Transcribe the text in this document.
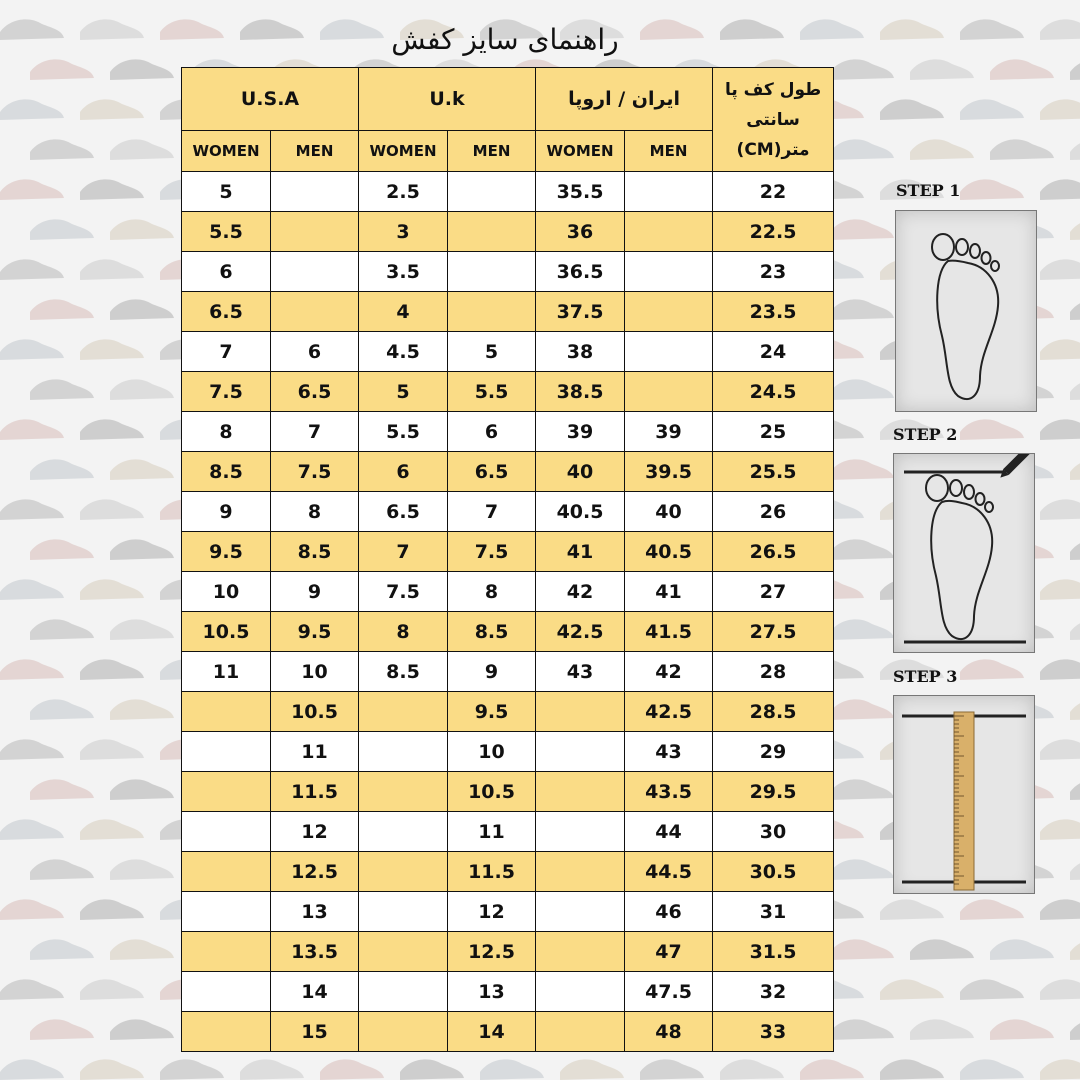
راهنمای سایز کفش
U.S.A		U.k		ایران / اروپا		طول کف پا سانتی متر(CM)
WOMEN	MEN	WOMEN	MEN	WOMEN	MEN	
5		2.5		35.5		22
5.5		3		36		22.5
6		3.5		36.5		23
6.5		4		37.5		23.5
7	6	4.5	5	38		24
7.5	6.5	5	5.5	38.5		24.5
8	7	5.5	6	39	39	25
8.5	7.5	6	6.5	40	39.5	25.5
9	8	6.5	7	40.5	40	26
9.5	8.5	7	7.5	41	40.5	26.5
10	9	7.5	8	42	41	27
10.5	9.5	8	8.5	42.5	41.5	27.5
11	10	8.5	9	43	42	28
	10.5		9.5		42.5	28.5
	11		10		43	29
	11.5		10.5		43.5	29.5
	12		11		44	30
	12.5		11.5		44.5	30.5
	13		12		46	31
	13.5		12.5		47	31.5
	14		13		47.5	32
	15		14		48	33
STEP 1
STEP 2
STEP 3
